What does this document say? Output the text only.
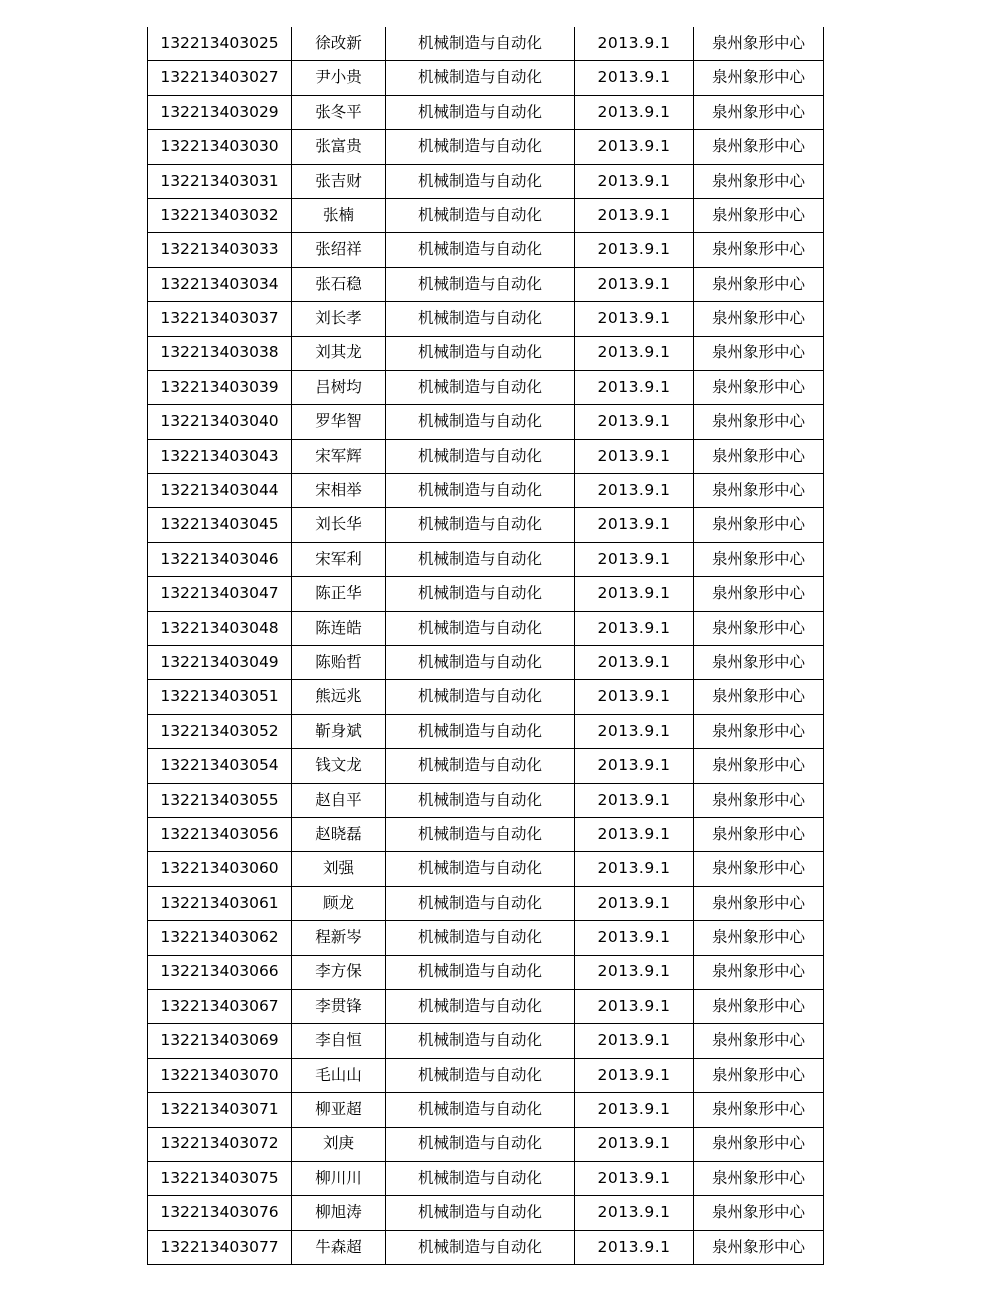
132213403025	徐改新	机械制造与自动化	2013.9.1	泉州象形中心
132213403027	尹小贵	机械制造与自动化	2013.9.1	泉州象形中心
132213403029	张冬平	机械制造与自动化	2013.9.1	泉州象形中心
132213403030	张富贵	机械制造与自动化	2013.9.1	泉州象形中心
132213403031	张吉财	机械制造与自动化	2013.9.1	泉州象形中心
132213403032	张楠	机械制造与自动化	2013.9.1	泉州象形中心
132213403033	张绍祥	机械制造与自动化	2013.9.1	泉州象形中心
132213403034	张石稳	机械制造与自动化	2013.9.1	泉州象形中心
132213403037	刘长孝	机械制造与自动化	2013.9.1	泉州象形中心
132213403038	刘其龙	机械制造与自动化	2013.9.1	泉州象形中心
132213403039	吕树均	机械制造与自动化	2013.9.1	泉州象形中心
132213403040	罗华智	机械制造与自动化	2013.9.1	泉州象形中心
132213403043	宋军辉	机械制造与自动化	2013.9.1	泉州象形中心
132213403044	宋相举	机械制造与自动化	2013.9.1	泉州象形中心
132213403045	刘长华	机械制造与自动化	2013.9.1	泉州象形中心
132213403046	宋军利	机械制造与自动化	2013.9.1	泉州象形中心
132213403047	陈正华	机械制造与自动化	2013.9.1	泉州象形中心
132213403048	陈连皓	机械制造与自动化	2013.9.1	泉州象形中心
132213403049	陈贻哲	机械制造与自动化	2013.9.1	泉州象形中心
132213403051	熊远兆	机械制造与自动化	2013.9.1	泉州象形中心
132213403052	靳身斌	机械制造与自动化	2013.9.1	泉州象形中心
132213403054	钱文龙	机械制造与自动化	2013.9.1	泉州象形中心
132213403055	赵自平	机械制造与自动化	2013.9.1	泉州象形中心
132213403056	赵晓磊	机械制造与自动化	2013.9.1	泉州象形中心
132213403060	刘强	机械制造与自动化	2013.9.1	泉州象形中心
132213403061	顾龙	机械制造与自动化	2013.9.1	泉州象形中心
132213403062	程新岑	机械制造与自动化	2013.9.1	泉州象形中心
132213403066	李方保	机械制造与自动化	2013.9.1	泉州象形中心
132213403067	李贯锋	机械制造与自动化	2013.9.1	泉州象形中心
132213403069	李自恒	机械制造与自动化	2013.9.1	泉州象形中心
132213403070	毛山山	机械制造与自动化	2013.9.1	泉州象形中心
132213403071	柳亚超	机械制造与自动化	2013.9.1	泉州象形中心
132213403072	刘庚	机械制造与自动化	2013.9.1	泉州象形中心
132213403075	柳川川	机械制造与自动化	2013.9.1	泉州象形中心
132213403076	柳旭涛	机械制造与自动化	2013.9.1	泉州象形中心
132213403077	牛森超	机械制造与自动化	2013.9.1	泉州象形中心
